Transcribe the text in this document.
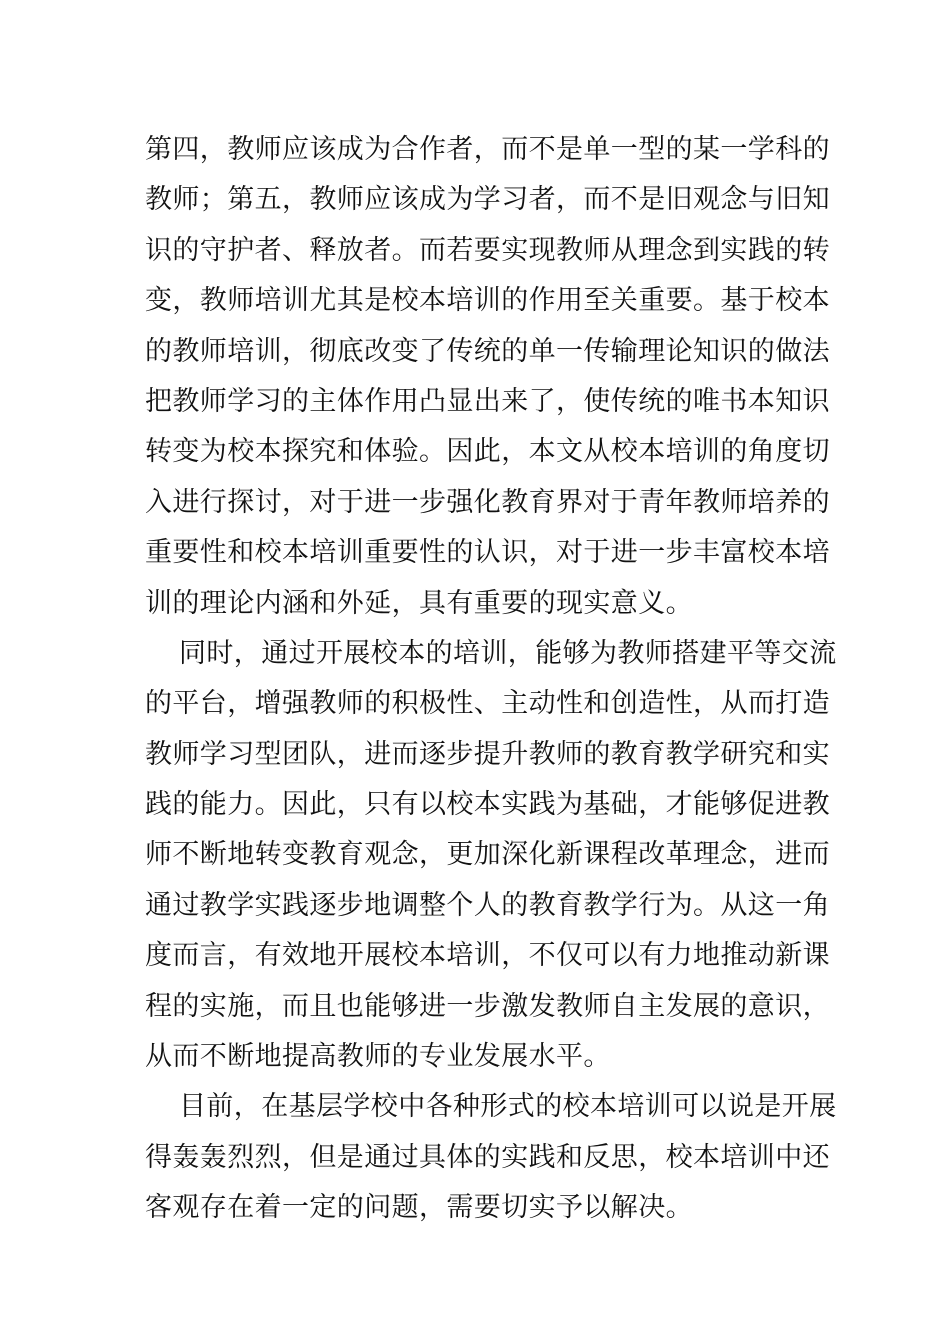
第四，教师应该成为合作者，而不是单一型的某一学科的
教师；第五，教师应该成为学习者，而不是旧观念与旧知
识的守护者、释放者。而若要实现教师从理念到实践的转
变，教师培训尤其是校本培训的作用至关重要。基于校本
的教师培训，彻底改变了传统的单一传输理论知识的做法
把教师学习的主体作用凸显出来了，使传统的唯书本知识
转变为校本探究和体验。因此，本文从校本培训的角度切
入进行探讨，对于进一步强化教育界对于青年教师培养的
重要性和校本培训重要性的认识，对于进一步丰富校本培
训的理论内涵和外延，具有重要的现实意义。
同时，通过开展校本的培训，能够为教师搭建平等交流
的平台，增强教师的积极性、主动性和创造性，从而打造
教师学习型团队，进而逐步提升教师的教育教学研究和实
践的能力。因此，只有以校本实践为基础，才能够促进教
师不断地转变教育观念，更加深化新课程改革理念，进而
通过教学实践逐步地调整个人的教育教学行为。从这一角
度而言，有效地开展校本培训，不仅可以有力地推动新课
程的实施，而且也能够进一步激发教师自主发展的意识，
从而不断地提高教师的专业发展水平。
目前，在基层学校中各种形式的校本培训可以说是开展
得轰轰烈烈，但是通过具体的实践和反思，校本培训中还
客观存在着一定的问题，需要切实予以解决。
